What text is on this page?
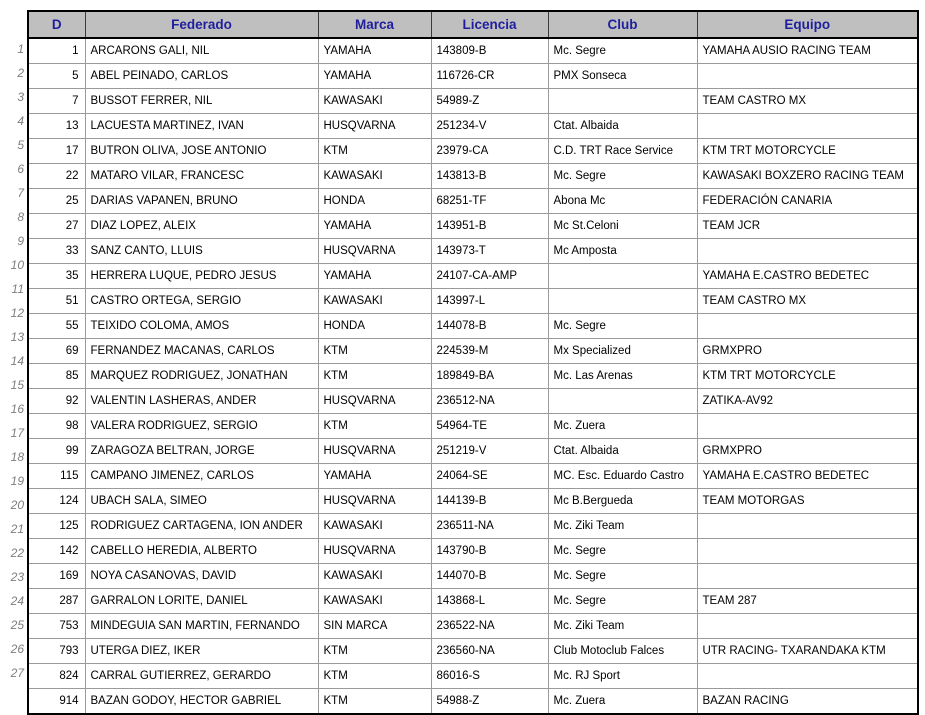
1
2
3
4
5
6
7
8
9
10
11
12
13
14
15
16
17
18
19
20
21
22
23
24
25
26
27
D	Federado	Marca	Licencia	Club	Equipo
1	ARCARONS GALI, NIL	YAMAHA	143809-B	Mc. Segre	YAMAHA AUSIO RACING TEAM
5	ABEL PEINADO, CARLOS	YAMAHA	116726-CR	PMX Sonseca	
7	BUSSOT FERRER, NIL	KAWASAKI	54989-Z		TEAM CASTRO MX
13	LACUESTA MARTINEZ, IVAN	HUSQVARNA	251234-V	Ctat. Albaida	
17	BUTRON OLIVA, JOSE ANTONIO	KTM	23979-CA	C.D. TRT Race Service	KTM TRT MOTORCYCLE
22	MATARO VILAR, FRANCESC	KAWASAKI	143813-B	Mc. Segre	KAWASAKI BOXZERO RACING TEAM
25	DARIAS VAPANEN, BRUNO	HONDA	68251-TF	Abona Mc	FEDERACIÓN CANARIA
27	DIAZ LOPEZ, ALEIX	YAMAHA	143951-B	Mc St.Celoni	TEAM JCR
33	SANZ CANTO, LLUIS	HUSQVARNA	143973-T	Mc Amposta	
35	HERRERA LUQUE, PEDRO JESUS	YAMAHA	24107-CA-AMP		YAMAHA E.CASTRO BEDETEC
51	CASTRO ORTEGA, SERGIO	KAWASAKI	143997-L		TEAM CASTRO MX
55	TEIXIDO COLOMA, AMOS	HONDA	144078-B	Mc. Segre	
69	FERNANDEZ MACANAS, CARLOS	KTM	224539-M	Mx Specialized	GRMXPRO
85	MARQUEZ RODRIGUEZ, JONATHAN	KTM	189849-BA	Mc. Las Arenas	KTM TRT MOTORCYCLE
92	VALENTIN LASHERAS, ANDER	HUSQVARNA	236512-NA		ZATIKA-AV92
98	VALERA RODRIGUEZ, SERGIO	KTM	54964-TE	Mc. Zuera	
99	ZARAGOZA BELTRAN, JORGE	HUSQVARNA	251219-V	Ctat. Albaida	GRMXPRO
115	CAMPANO JIMENEZ, CARLOS	YAMAHA	24064-SE	MC. Esc. Eduardo Castro	YAMAHA E.CASTRO BEDETEC
124	UBACH SALA, SIMEO	HUSQVARNA	144139-B	Mc B.Bergueda	TEAM MOTORGAS
125	RODRIGUEZ CARTAGENA, ION ANDER	KAWASAKI	236511-NA	Mc. Ziki Team	
142	CABELLO HEREDIA, ALBERTO	HUSQVARNA	143790-B	Mc. Segre	
169	NOYA CASANOVAS, DAVID	KAWASAKI	144070-B	Mc. Segre	
287	GARRALON LORITE, DANIEL	KAWASAKI	143868-L	Mc. Segre	TEAM 287
753	MINDEGUIA SAN MARTIN, FERNANDO	SIN MARCA	236522-NA	Mc. Ziki Team	
793	UTERGA DIEZ, IKER	KTM	236560-NA	Club Motoclub Falces	UTR RACING- TXARANDAKA KTM
824	CARRAL GUTIERREZ, GERARDO	KTM	86016-S	Mc. RJ Sport	
914	BAZAN GODOY, HECTOR GABRIEL	KTM	54988-Z	Mc. Zuera	BAZAN RACING
